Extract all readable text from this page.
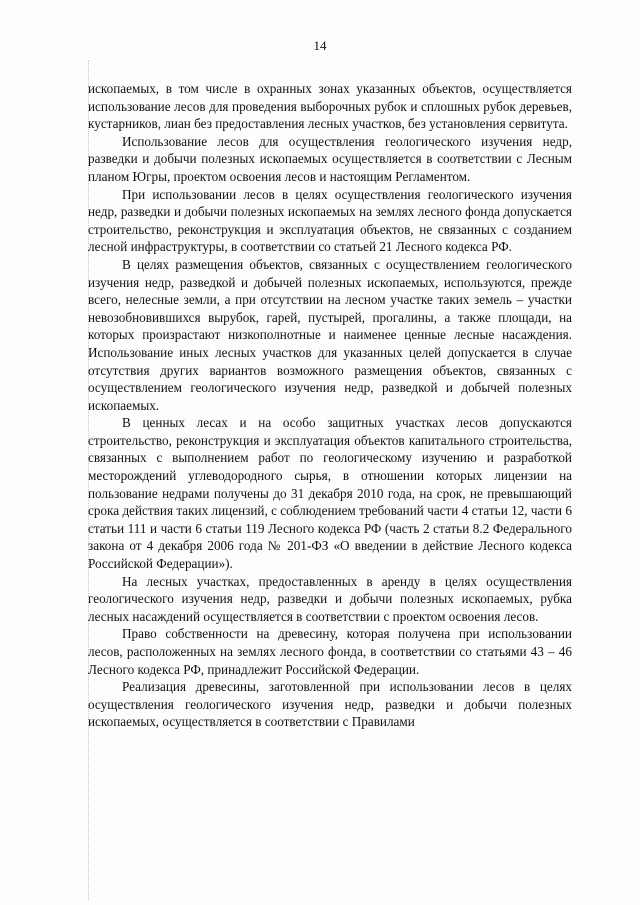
14

ископаемых, в том числе в охранных зонах указанных объектов, осуществляется использование лесов для проведения выборочных рубок и сплошных рубок деревьев, кустарников, лиан без предоставления лесных участков, без установления сервитута.

Использование лесов для осуществления геологического изучения недр, разведки и добычи полезных ископаемых осуществляется в соответствии с Лесным планом Югры, проектом освоения лесов и настоящим Регламентом.

При использовании лесов в целях осуществления геологического изучения недр, разведки и добычи полезных ископаемых на землях лесного фонда допускается строительство, реконструкция и эксплуатация объектов, не связанных с созданием лесной инфраструктуры, в соответствии со статьей 21 Лесного кодекса РФ.

В целях размещения объектов, связанных с осуществлением геологического изучения недр, разведкой и добычей полезных ископаемых, используются, прежде всего, нелесные земли, а при отсутствии на лесном участке таких земель – участки невозобновившихся вырубок, гарей, пустырей, прогалины, а также площади, на которых произрастают низкополнотные и наименее ценные лесные насаждения. Использование иных лесных участков для указанных целей допускается в случае отсутствия других вариантов возможного размещения объектов, связанных с осуществлением геологического изучения недр, разведкой и добычей полезных ископаемых.

В ценных лесах и на особо защитных участках лесов допускаются строительство, реконструкция и эксплуатация объектов капитального строительства, связанных с выполнением работ по геологическому изучению и разработкой месторождений углеводородного сырья, в отношении которых лицензии на пользование недрами получены до 31 декабря 2010 года, на срок, не превышающий срока действия таких лицензий, с соблюдением требований части 4 статьи 12, части 6 статьи 111 и части 6 статьи 119 Лесного кодекса РФ (часть 2 статьи 8.2 Федерального закона от 4 декабря 2006 года № 201-ФЗ «О введении в действие Лесного кодекса Российской Федерации»).

На лесных участках, предоставленных в аренду в целях осуществления геологического изучения недр, разведки и добычи полезных ископаемых, рубка лесных насаждений осуществляется в соответствии с проектом освоения лесов.

Право собственности на древесину, которая получена при использовании лесов, расположенных на землях лесного фонда, в соответствии со статьями 43 – 46 Лесного кодекса РФ, принадлежит Российской Федерации.

Реализация древесины, заготовленной при использовании лесов в целях осуществления геологического изучения недр, разведки и добычи полезных ископаемых, осуществляется в соответствии с Правилами
